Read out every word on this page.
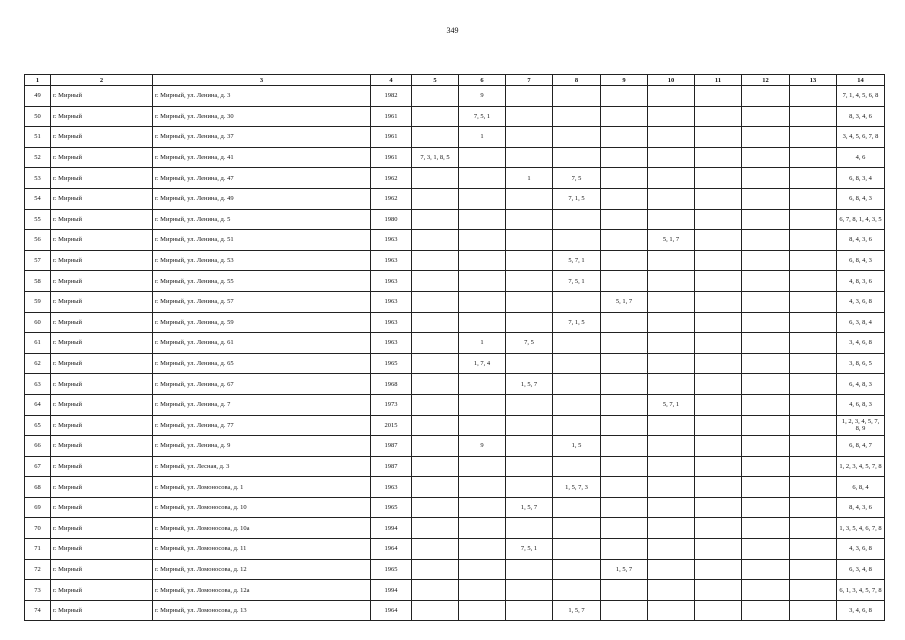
349
1	2	3	4	5	6	7	8	9	10	11	12	13	14
49	г. Мирный	г. Мирный, ул. Ленина, д. 3	1982		9								7, 1, 4, 5, 6, 8
50	г. Мирный	г. Мирный, ул. Ленина, д. 30	1961		7, 5, 1								8, 3, 4, 6
51	г. Мирный	г. Мирный, ул. Ленина, д. 37	1961		1								3, 4, 5, 6, 7, 8
52	г. Мирный	г. Мирный, ул. Ленина, д. 41	1961	7, 3, 1, 8, 5									4, 6
53	г. Мирный	г. Мирный, ул. Ленина, д. 47	1962			1	7, 5						6, 8, 3, 4
54	г. Мирный	г. Мирный, ул. Ленина, д. 49	1962				7, 1, 5						6, 8, 4, 3
55	г. Мирный	г. Мирный, ул. Ленина, д. 5	1980										6, 7, 8, 1, 4, 3, 5
56	г. Мирный	г. Мирный, ул. Ленина, д. 51	1963						5, 1, 7				8, 4, 3, 6
57	г. Мирный	г. Мирный, ул. Ленина, д. 53	1963				5, 7, 1						6, 8, 4, 3
58	г. Мирный	г. Мирный, ул. Ленина, д. 55	1963				7, 5, 1						4, 8, 3, 6
59	г. Мирный	г. Мирный, ул. Ленина, д. 57	1963					5, 1, 7					4, 3, 6, 8
60	г. Мирный	г. Мирный, ул. Ленина, д. 59	1963				7, 1, 5						6, 3, 8, 4
61	г. Мирный	г. Мирный, ул. Ленина, д. 61	1963		1	7, 5							3, 4, 6, 8
62	г. Мирный	г. Мирный, ул. Ленина, д. 65	1965		1, 7, 4								3, 8, 6, 5
63	г. Мирный	г. Мирный, ул. Ленина, д. 67	1968			1, 5, 7							6, 4, 8, 3
64	г. Мирный	г. Мирный, ул. Ленина, д. 7	1973						5, 7, 1				4, 6, 8, 3
65	г. Мирный	г. Мирный, ул. Ленина, д. 77	2015										1, 2, 3, 4, 5, 7, 8, 9
66	г. Мирный	г. Мирный, ул. Ленина, д. 9	1987		9		1, 5						6, 8, 4, 7
67	г. Мирный	г. Мирный, ул. Лесная, д. 3	1987										1, 2, 3, 4, 5, 7, 8
68	г. Мирный	г. Мирный, ул. Ломоносова, д. 1	1963				1, 5, 7, 3						6, 8, 4
69	г. Мирный	г. Мирный, ул. Ломоносова, д. 10	1965			1, 5, 7							8, 4, 3, 6
70	г. Мирный	г. Мирный, ул. Ломоносова, д. 10а	1994										1, 3, 5, 4, 6, 7, 8
71	г. Мирный	г. Мирный, ул. Ломоносова, д. 11	1964			7, 5, 1							4, 3, 6, 8
72	г. Мирный	г. Мирный, ул. Ломоносова, д. 12	1965					1, 5, 7					6, 3, 4, 8
73	г. Мирный	г. Мирный, ул. Ломоносова, д. 12а	1994										6, 1, 3, 4, 5, 7, 8
74	г. Мирный	г. Мирный, ул. Ломоносова, д. 13	1964				1, 5, 7						3, 4, 6, 8
